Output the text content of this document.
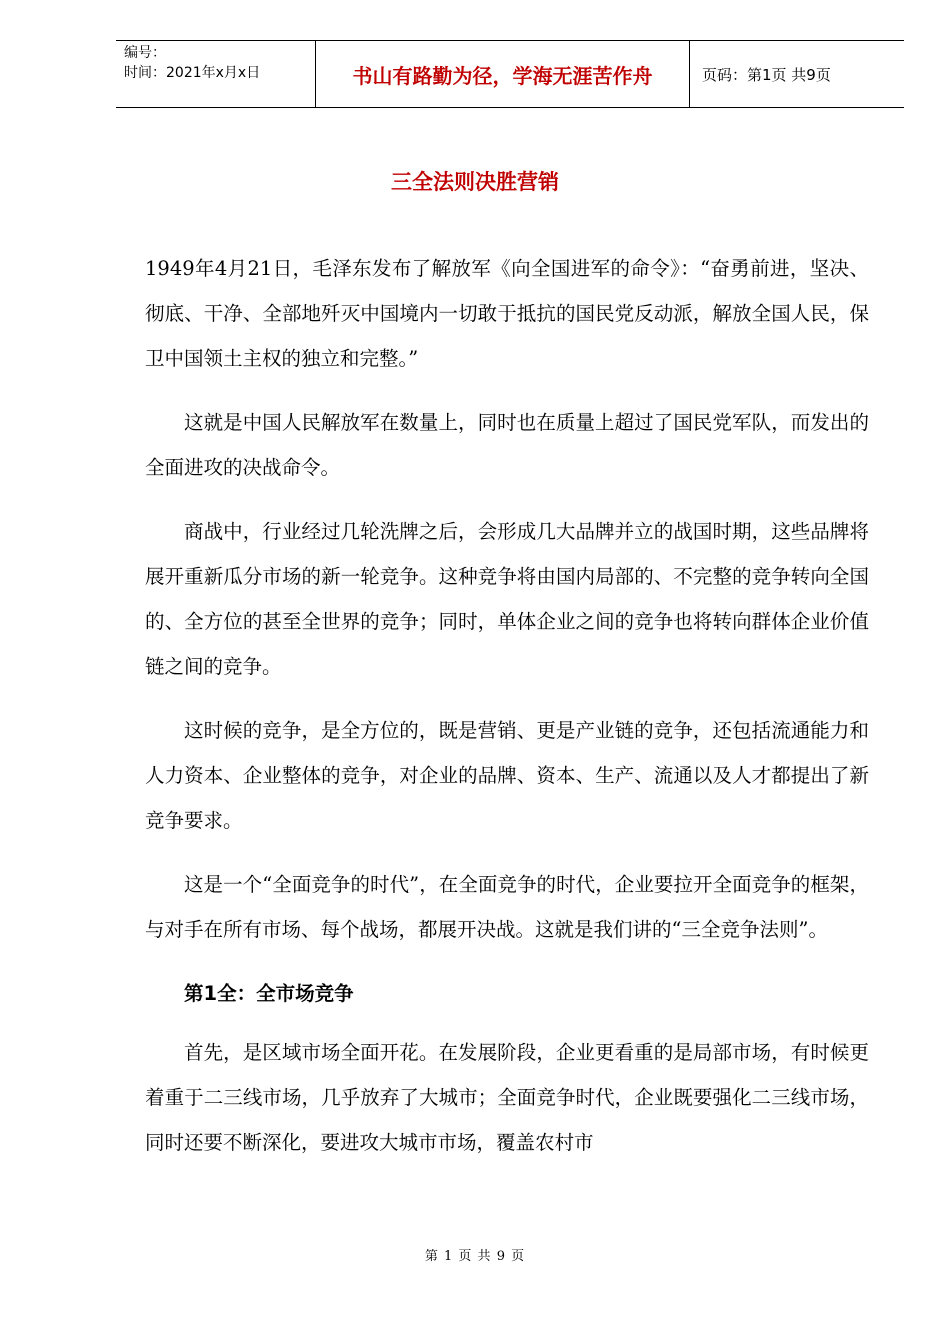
编号：
时间：2021年x月x日	书山有路勤为径，学海无涯苦作舟	页码：第1页 共9页
三全法则决胜营销

1949年4月21日，毛泽东发布了解放军《向全国进军的命令》：“奋勇前进，坚决、彻底、干净、全部地歼灭中国境内一切敢于抵抗的国民党反动派，解放全国人民，保卫中国领土主权的独立和完整。”

这就是中国人民解放军在数量上，同时也在质量上超过了国民党军队，而发出的全面进攻的决战命令。

商战中，行业经过几轮洗牌之后，会形成几大品牌并立的战国时期，这些品牌将展开重新瓜分市场的新一轮竞争。这种竞争将由国内局部的、不完整的竞争转向全国的、全方位的甚至全世界的竞争；同时，单体企业之间的竞争也将转向群体企业价值链之间的竞争。

这时候的竞争，是全方位的，既是营销、更是产业链的竞争，还包括流通能力和人力资本、企业整体的竞争，对企业的品牌、资本、生产、流通以及人才都提出了新竞争要求。

这是一个“全面竞争的时代”，在全面竞争的时代，企业要拉开全面竞争的框架，与对手在所有市场、每个战场，都展开决战。这就是我们讲的“三全竞争法则”。

第1全：全市场竞争

首先，是区域市场全面开花。在发展阶段，企业更看重的是局部市场，有时候更着重于二三线市场，几乎放弃了大城市；全面竞争时代，企业既要强化二三线市场，同时还要不断深化，要进攻大城市市场，覆盖农村市

第 1 页 共 9 页
